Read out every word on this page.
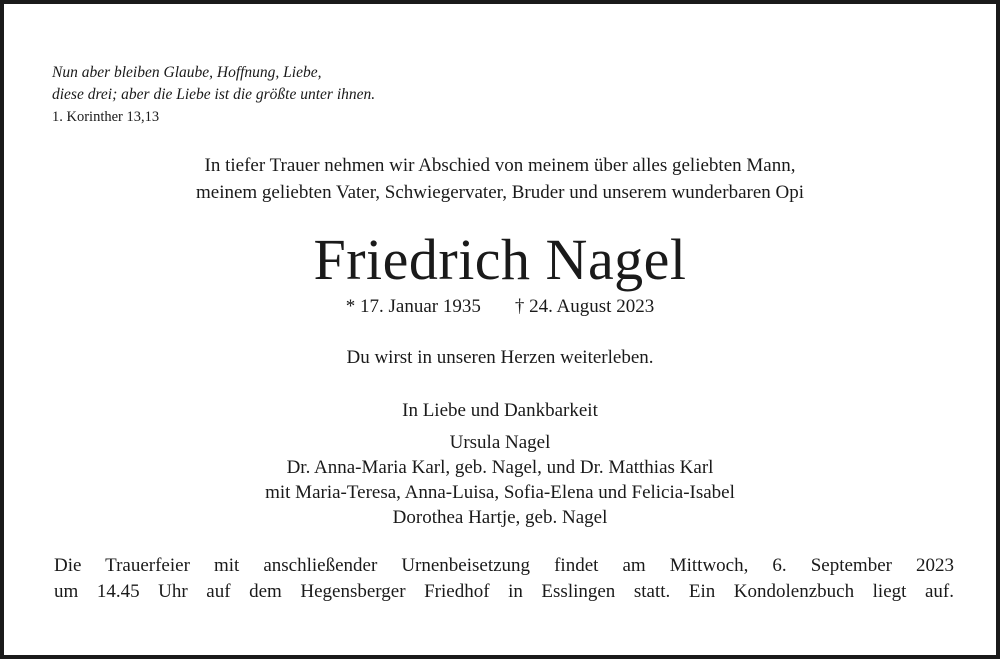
Nun aber bleiben Glaube, Hoffnung, Liebe,
diese drei; aber die Liebe ist die größte unter ihnen.
1. Korinther 13,13
In tiefer Trauer nehmen wir Abschied von meinem über alles geliebten Mann,
meinem geliebten Vater, Schwiegervater, Bruder und unserem wunderbaren Opi
Friedrich Nagel
* 17. Januar 1935 † 24. August 2023
Du wirst in unseren Herzen weiterleben.
In Liebe und Dankbarkeit
Ursula Nagel
Dr. Anna-Maria Karl, geb. Nagel, und Dr. Matthias Karl
mit Maria-Teresa, Anna-Luisa, Sofia-Elena und Felicia-Isabel
Dorothea Hartje, geb. Nagel
Die Trauerfeier mit anschließender Urnenbeisetzung findet am Mittwoch, 6. September 2023
um 14.45 Uhr auf dem Hegensberger Friedhof in Esslingen statt. Ein Kondolenzbuch liegt auf.
